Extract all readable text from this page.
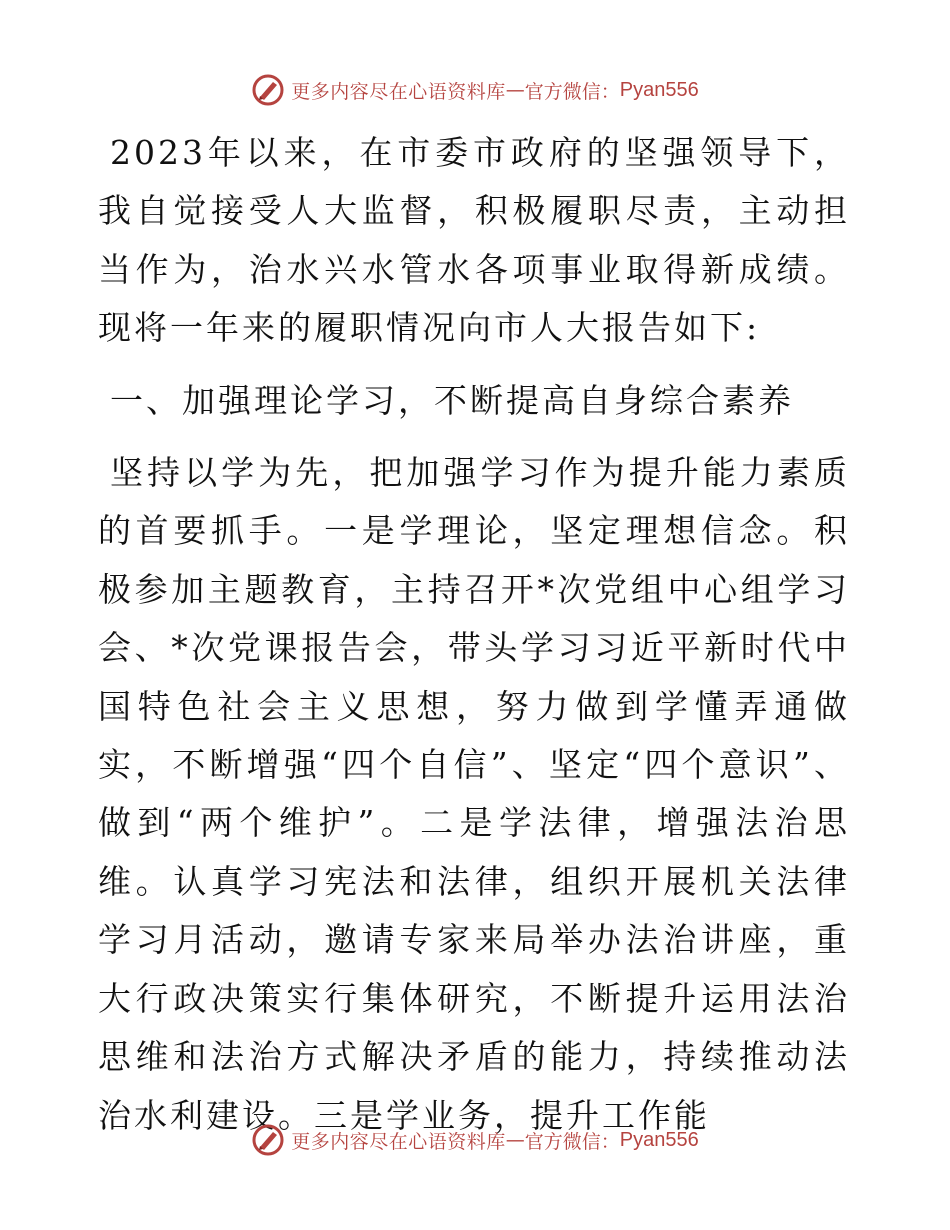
更多内容尽在心语资料库 — 官方微信： Pyan556

2023年以来，在市委市政府的坚强领导下，我自觉接受人大监督，积极履职尽责，主动担当作为，治水兴水管水各项事业取得新成绩。现将一年来的履职情况向市人大报告如下:

一、加强理论学习，不断提高自身综合素养

坚持以学为先，把加强学习作为提升能力素质的首要抓手。一是学理论，坚定理想信念。积极参加主题教育，主持召开*次党组中心组学习会、*次党课报告会，带头学习习近平新时代中国特色社会主义思想，努力做到学懂弄通做实，不断增强“四个自信”、坚定“四个意识”、做到“两个维护”。二是学法律，增强法治思维。认真学习宪法和法律，组织开展机关法律学习月活动，邀请专家来局举办法治讲座，重大行政决策实行集体研究，不断提升运用法治思维和法治方式解决矛盾的能力，持续推动法治水利建设。三是学业务，提升工作能

更多内容尽在心语资料库 — 官方微信： Pyan556
